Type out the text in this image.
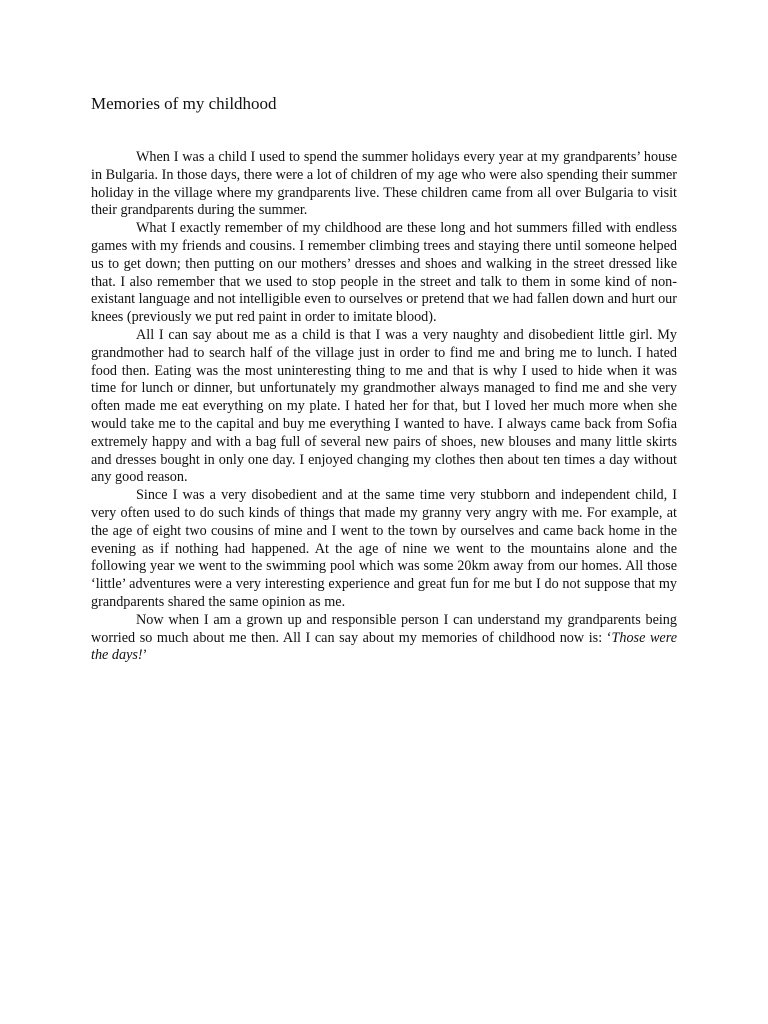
Memories of my childhood

When I was a child I used to spend the summer holidays every year at my grandparents’ house in Bulgaria. In those days, there were a lot of children of my age who were also spending their summer holiday in the village where my grandparents live. These children came from all over Bulgaria to visit their grandparents during the summer.

What I exactly remember of my childhood are these long and hot summers filled with endless games with my friends and cousins. I remember climbing trees and staying there until someone helped us to get down; then putting on our mothers’ dresses and shoes and walking in the street dressed like that. I also remember that we used to stop people in the street and talk to them in some kind of non-existant language and not intelligible even to ourselves or pretend that we had fallen down and hurt our knees (previously we put red paint in order to imitate blood).

All I can say about me as a child is that I was a very naughty and disobedient little girl. My grandmother had to search half of the village just in order to find me and bring me to lunch. I hated food then. Eating was the most uninteresting thing to me and that is why I used to hide when it was time for lunch or dinner, but unfortunately my grandmother always managed to find me and she very often made me eat everything on my plate. I hated her for that, but I loved her much more when she would take me to the capital and buy me everything I wanted to have. I always came back from Sofia extremely happy and with a bag full of several new pairs of shoes, new blouses and many little skirts and dresses bought in only one day. I enjoyed changing my clothes then about ten times a day without any good reason.

Since I was a very disobedient and at the same time very stubborn and independent child, I very often used to do such kinds of things that made my granny very angry with me. For example, at the age of eight two cousins of mine and I went to the town by ourselves and came back home in the evening as if nothing had happened. At the age of nine we went to the mountains alone and the following year we went to the swimming pool which was some 20km away from our homes. All those ‘little’ adventures were a very interesting experience and great fun for me but I do not suppose that my grandparents shared the same opinion as me.

Now when I am a grown up and responsible person I can understand my grandparents being worried so much about me then. All I can say about my memories of childhood now is: ‘Those were the days!’
